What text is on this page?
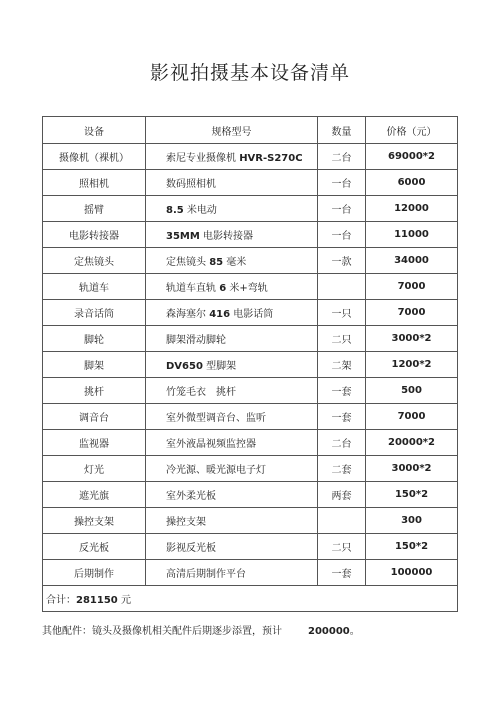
影视拍摄基本设备清单
设备	规格型号	数量	价格（元）
摄像机（裸机）	索尼专业摄像机 HVR-S270C	二台	69000*2
照相机	数码照相机	一台	6000
摇臂	8.5 米电动	一台	12000
电影转接器	35MM 电影转接器	一台	11000
定焦镜头	定焦镜头 85 毫米	一款	34000
轨道车	轨道车直轨 6 米+弯轨		7000
录音话筒	森海塞尔 416 电影话筒	一只	7000
脚轮	脚架滑动脚轮	二只	3000*2
脚架	DV650 型脚架	二架	1200*2
挑杆	竹笼毛衣　挑杆	一套	500
调音台	室外微型调音台、监听	一套	7000
监视器	室外液晶视频监控器	二台	20000*2
灯光	冷光源、暖光源电子灯	二套	3000*2
遮光旗	室外柔光板	两套	150*2
操控支架	操控支架		300
反光板	影视反光板	二只	150*2
后期制作	高清后期制作平台	一套	100000
合计：281150 元			
其他配件：镜头及摄像机相关配件后期逐步添置，预计	200000。
